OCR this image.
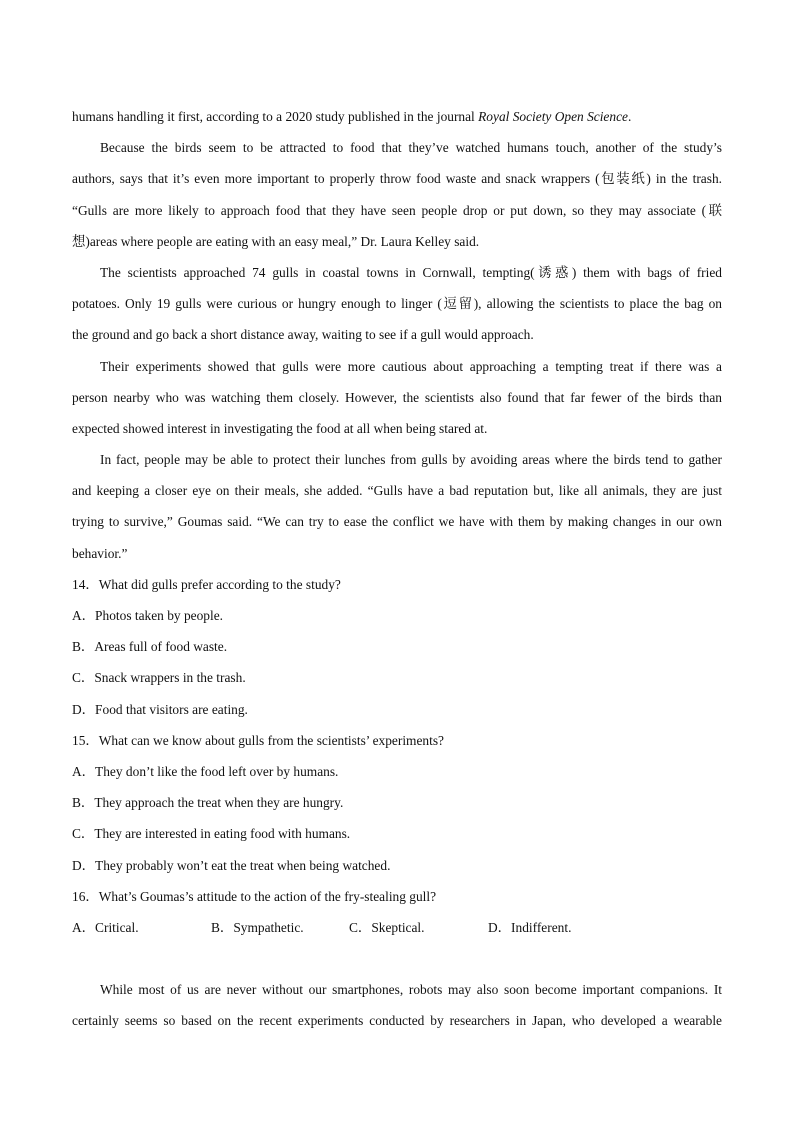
humans handling it first, according to a 2020 study published in the journal Royal Society Open Science.
Because the birds seem to be attracted to food that they’ve watched humans touch, another of the study’s
authors, says that it’s even more important to properly throw food waste and snack wrappers (包装纸) in the trash.
“Gulls are more likely to approach food that they have seen people drop or put down, so they may associate (联
想)areas where people are eating with an easy meal,” Dr. Laura Kelley said.
The scientists approached 74 gulls in coastal towns in Cornwall, tempting(诱惑) them with bags of fried
potatoes. Only 19 gulls were curious or hungry enough to linger (逗留), allowing the scientists to place the bag on
the ground and go back a short distance away, waiting to see if a gull would approach.
Their experiments showed that gulls were more cautious about approaching a tempting treat if there was a
person nearby who was watching them closely. However, the scientists also found that far fewer of the birds than
expected showed interest in investigating the food at all when being stared at.
In fact, people may be able to protect their lunches from gulls by avoiding areas where the birds tend to gather
and keeping a closer eye on their meals, she added. “Gulls have a bad reputation but, like all animals, they are just
trying to survive,” Goumas said. “We can try to ease the conflict we have with them by making changes in our own
behavior.”
14．What did gulls prefer according to the study?
A．Photos taken by people.
B．Areas full of food waste.
C．Snack wrappers in the trash.
D．Food that visitors are eating.
15．What can we know about gulls from the scientists’ experiments?
A．They don’t like the food left over by humans.
B．They approach the treat when they are hungry.
C．They are interested in eating food with humans.
D．They probably won’t eat the treat when being watched.
16．What’s Goumas’s attitude to the action of the fry-stealing gull?
A．Critical.	B．Sympathetic.	C．Skeptical.	D．Indifferent.
While most of us are never without our smartphones, robots may also soon become important companions. It
certainly seems so based on the recent experiments conducted by researchers in Japan, who developed a wearable
